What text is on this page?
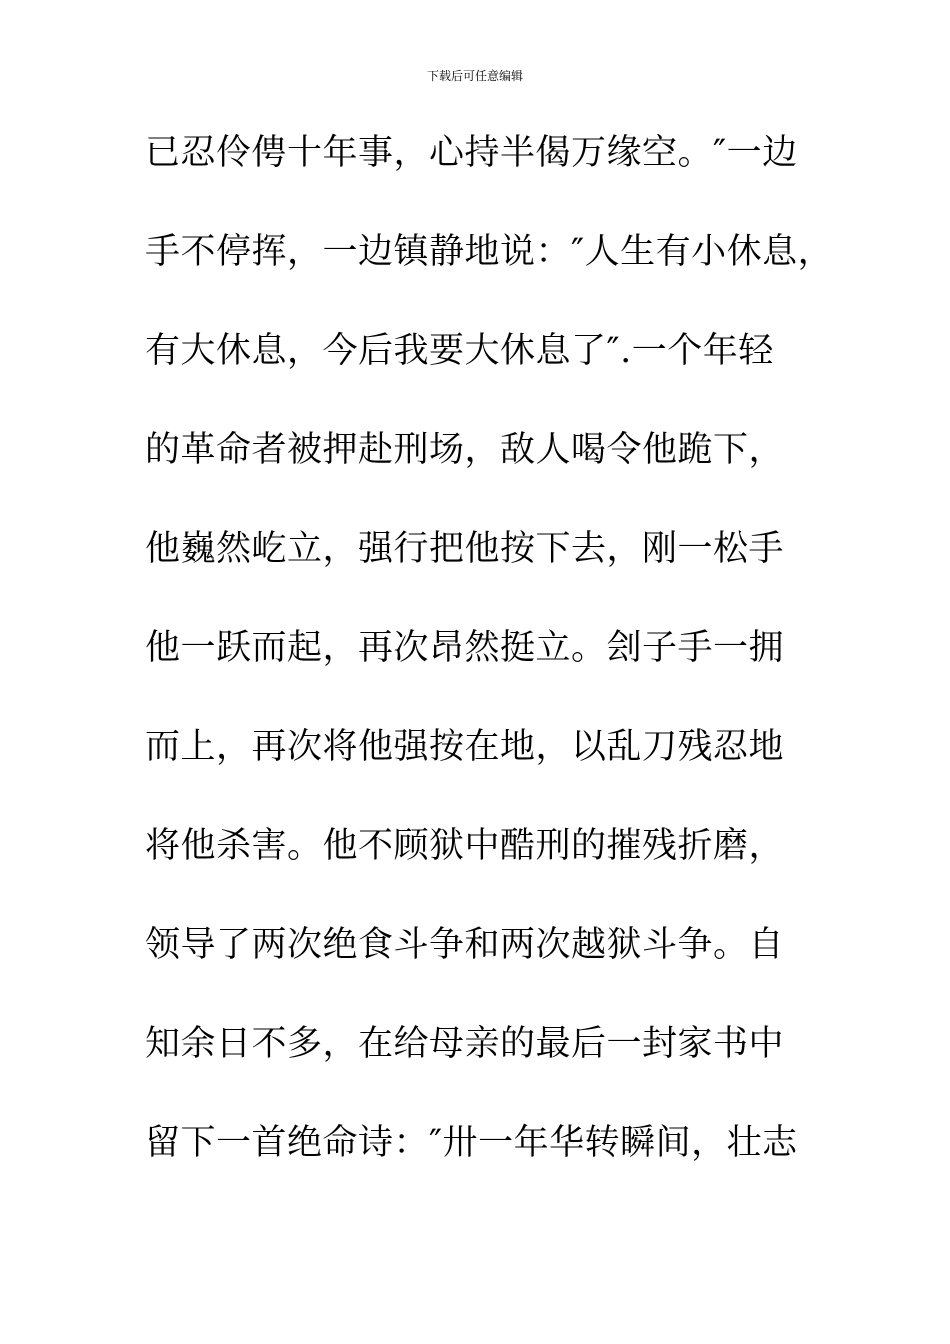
下载后可任意编辑
已忍伶俜十年事，心持半偈万缘空。″一边
手不停挥，一边镇静地说：″人生有小休息，
有大休息，今后我要大休息了″.一个年轻
的革命者被押赴刑场，敌人喝令他跪下，
他巍然屹立，强行把他按下去，刚一松手
他一跃而起，再次昂然挺立。刽子手一拥
而上，再次将他强按在地，以乱刀残忍地
将他杀害。他不顾狱中酷刑的摧残折磨，
领导了两次绝食斗争和两次越狱斗争。自
知余日不多，在给母亲的最后一封家书中
留下一首绝命诗：″卅一年华转瞬间，壮志
